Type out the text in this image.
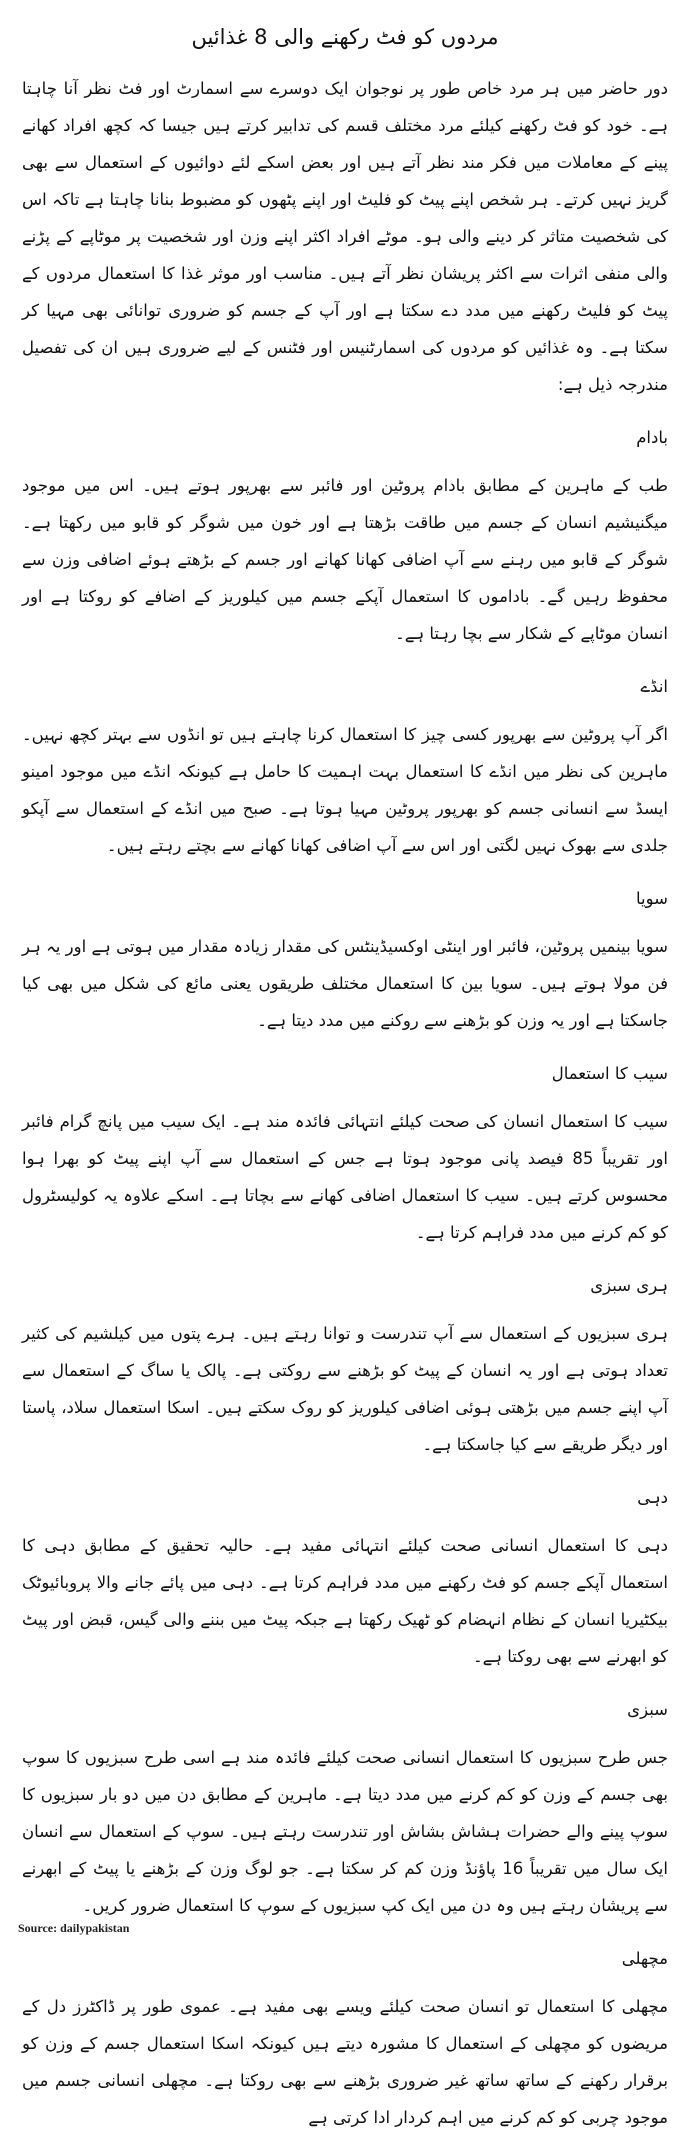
مردوں کو فٹ رکھنے والی 8 غذائیں

دور حاضر میں ہر مرد خاص طور پر نوجوان ایک دوسرے سے اسمارٹ اور فٹ نظر آنا چاہتا ہے۔ خود کو فٹ رکھنے کیلئے مرد مختلف قسم کی تدابیر کرتے ہیں جیسا کہ کچھ افراد کھانے پینے کے معاملات میں فکر مند نظر آتے ہیں اور بعض اسکے لئے دوائیوں کے استعمال سے بھی گریز نہیں کرتے۔ ہر شخص اپنے پیٹ کو فلیٹ اور اپنے پٹھوں کو مضبوط بنانا چاہتا ہے تاکہ اس کی شخصیت متاثر کر دینے والی ہو۔ موٹے افراد اکثر اپنے وزن اور شخصیت پر موٹاپے کے پڑنے والی منفی اثرات سے اکثر پریشان نظر آتے ہیں۔ مناسب اور موثر غذا کا استعمال مردوں کے پیٹ کو فلیٹ رکھنے میں مدد دے سکتا ہے اور آپ کے جسم کو ضروری توانائی بھی مہیا کر سکتا ہے۔ وہ غذائیں کو مردوں کی اسمارٹنیس اور فٹنس کے لیے ضروری ہیں ان کی تفصیل مندرجہ ذیل ہے:

بادام

طب کے ماہرین کے مطابق بادام پروٹین اور فائبر سے بھرپور ہوتے ہیں۔ اس میں موجود میگنیشیم انسان کے جسم میں طاقت بڑھتا ہے اور خون میں شوگر کو قابو میں رکھتا ہے۔ شوگر کے قابو میں رہنے سے آپ اضافی کھانا کھانے اور جسم کے بڑھتے ہوئے اضافی وزن سے محفوظ رہیں گے۔ باداموں کا استعمال آپکے جسم میں کیلوریز کے اضافے کو روکتا ہے اور انسان موٹاپے کے شکار سے بچا رہتا ہے۔

انڈے

اگر آپ پروٹین سے بھرپور کسی چیز کا استعمال کرنا چاہتے ہیں تو انڈوں سے بہتر کچھ نہیں۔ ماہرین کی نظر میں انڈے کا استعمال بہت اہمیت کا حامل ہے کیونکہ انڈے میں موجود امینو ایسڈ سے انسانی جسم کو بھرپور پروٹین مہیا ہوتا ہے۔ صبح میں انڈے کے استعمال سے آپکو جلدی سے بھوک نہیں لگتی اور اس سے آپ اضافی کھانا کھانے سے بچتے رہتے ہیں۔

سویا

سویا بینمیں پروٹین، فائبر اور اینٹی اوکسیڈینٹس کی مقدار زیادہ مقدار میں ہوتی ہے اور یہ ہر فن مولا ہوتے ہیں۔ سویا بین کا استعمال مختلف طریقوں یعنی مائع کی شکل میں بھی کیا جاسکتا ہے اور یہ وزن کو بڑھنے سے روکنے میں مدد دیتا ہے۔

سیب کا استعمال

سیب کا استعمال انسان کی صحت کیلئے انتہائی فائدہ مند ہے۔ ایک سیب میں پانچ گرام فائبر اور تقریباً 85 فیصد پانی موجود ہوتا ہے جس کے استعمال سے آپ اپنے پیٹ کو بھرا ہوا محسوس کرتے ہیں۔ سیب کا استعمال اضافی کھانے سے بچاتا ہے۔ اسکے علاوہ یہ کولیسٹرول کو کم کرنے میں مدد فراہم کرتا ہے۔

ہری سبزی

ہری سبزیوں کے استعمال سے آپ تندرست و توانا رہتے ہیں۔ ہرے پتوں میں کیلشیم کی کثیر تعداد ہوتی ہے اور یہ انسان کے پیٹ کو بڑھنے سے روکتی ہے۔ پالک یا ساگ کے استعمال سے آپ اپنے جسم میں بڑھتی ہوئی اضافی کیلوریز کو روک سکتے ہیں۔ اسکا استعمال سلاد، پاستا اور دیگر طریقے سے کیا جاسکتا ہے۔

دہی

دہی کا استعمال انسانی صحت کیلئے انتہائی مفید ہے۔ حالیہ تحقیق کے مطابق دہی کا استعمال آپکے جسم کو فٹ رکھنے میں مدد فراہم کرتا ہے۔ دہی میں پائے جانے والا پروبائیوٹک بیکٹیریا انسان کے نظام انہضام کو ٹھیک رکھتا ہے جبکہ پیٹ میں بننے والی گیس، قبض اور پیٹ کو ابھرنے سے بھی روکتا ہے۔

سبزی

جس طرح سبزیوں کا استعمال انسانی صحت کیلئے فائدہ مند ہے اسی طرح سبزیوں کا سوپ بھی جسم کے وزن کو کم کرنے میں مدد دیتا ہے۔ ماہرین کے مطابق دن میں دو بار سبزیوں کا سوپ پینے والے حضرات ہشاش بشاش اور تندرست رہتے ہیں۔ سوپ کے استعمال سے انسان ایک سال میں تقریباً 16 پاؤنڈ وزن کم کر سکتا ہے۔ جو لوگ وزن کے بڑھنے یا پیٹ کے ابھرنے سے پریشان رہتے ہیں وہ دن میں ایک کپ سبزیوں کے سوپ کا استعمال ضرور کریں۔

مچھلی

مچھلی کا استعمال تو انسان صحت کیلئے ویسے بھی مفید ہے۔ عموی طور پر ڈاکٹرز دل کے مریضوں کو مچھلی کے استعمال کا مشورہ دیتے ہیں کیونکہ اسکا استعمال جسم کے وزن کو برقرار رکھنے کے ساتھ ساتھ غیر ضروری بڑھنے سے بھی روکتا ہے۔ مچھلی انسانی جسم میں موجود چربی کو کم کرنے میں اہم کردار ادا کرتی ہے

Source: dailypakistan
